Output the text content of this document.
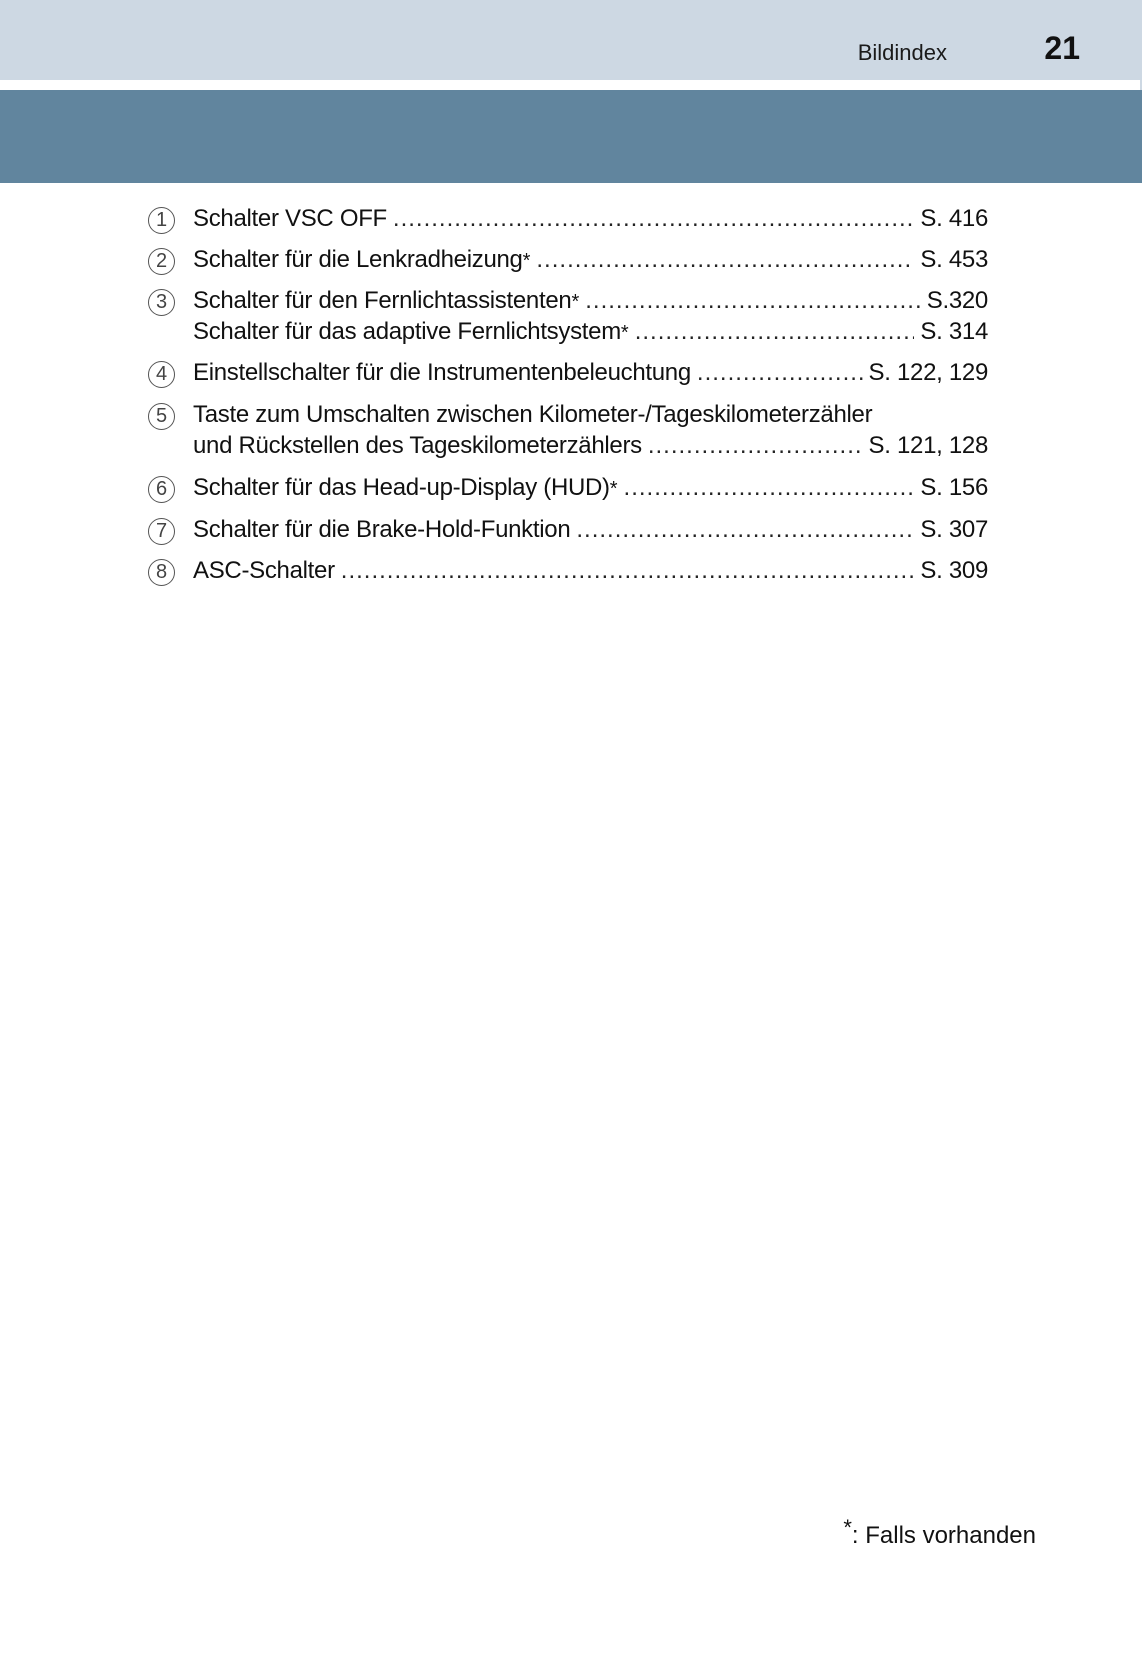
Bildindex	21
1	Schalter VSC OFF .....	S. 416
2	Schalter für die Lenkradheizung * .....	S. 453
3	Schalter für den Fernlichtassistenten * .....	S.320
Schalter für das adaptive Fernlichtsystem * .....	S. 314
4	Einstellschalter für die Instrumentenbeleuchtung .....	S. 122, 129
5	Taste zum Umschalten zwischen Kilometer-/Tageskilometerzähler
und Rückstellen des Tageskilometerzählers .....	S. 121, 128
6	Schalter für das Head-up-Display (HUD) * .....	S. 156
7	Schalter für die Brake-Hold-Funktion .....	S. 307
8	ASC-Schalter .....	S. 309
*: Falls vorhanden
